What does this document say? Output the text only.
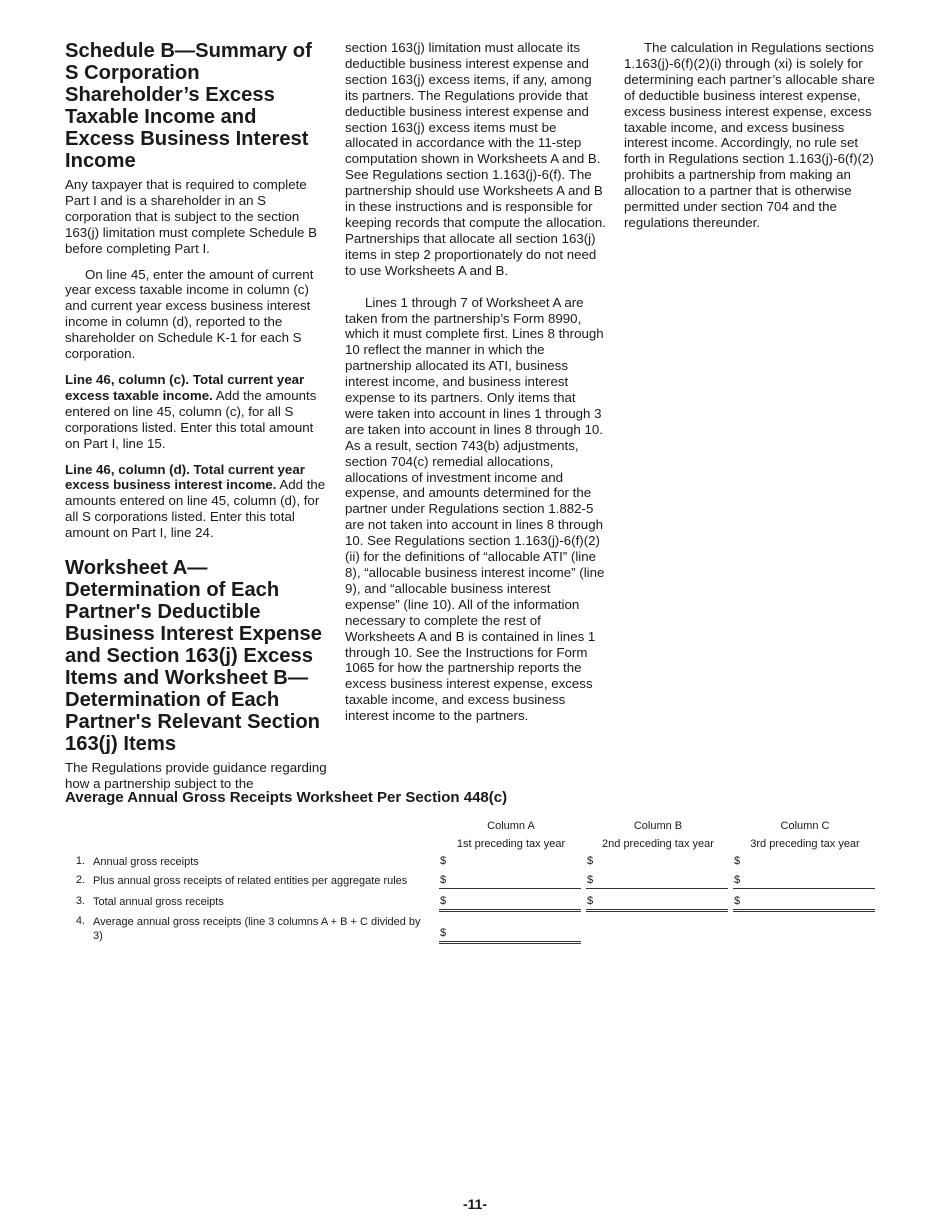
Schedule B—Summary of S Corporation Shareholder’s Excess Taxable Income and Excess Business Interest Income

Any taxpayer that is required to complete Part I and is a shareholder in an S corporation that is subject to the section 163(j) limitation must complete Schedule B before completing Part I.

On line 45, enter the amount of current year excess taxable income in column (c) and current year excess business interest income in column (d), reported to the shareholder on Schedule K-1 for each S corporation.

Line 46, column (c). Total current year excess taxable income. Add the amounts entered on line 45, column (c), for all S corporations listed. Enter this total amount on Part I, line 15.

Line 46, column (d). Total current year excess business interest income. Add the amounts entered on line 45, column (d), for all S corporations listed. Enter this total amount on Part I, line 24.

Worksheet A—Determination of Each Partner's Deductible Business Interest Expense and Section 163(j) Excess Items and Worksheet B—Determination of Each Partner's Relevant Section 163(j) Items

The Regulations provide guidance regarding how a partnership subject to the

section 163(j) limitation must allocate its deductible business interest expense and section 163(j) excess items, if any, among its partners. The Regulations provide that deductible business interest expense and section 163(j) excess items must be allocated in accordance with the 11-step computation shown in Worksheets A and B. See Regulations section 1.163(j)-6(f). The partnership should use Worksheets A and B in these instructions and is responsible for keeping records that compute the allocation. Partnerships that allocate all section 163(j) items in step 2 proportionately do not need to use Worksheets A and B.

Lines 1 through 7 of Worksheet A are taken from the partnership’s Form 8990, which it must complete first. Lines 8 through 10 reflect the manner in which the partnership allocated its ATI, business interest income, and business interest expense to its partners. Only items that were taken into account in lines 1 through 3 are taken into account in lines 8 through 10. As a result, section 743(b) adjustments, section 704(c) remedial allocations, allocations of investment income and expense, and amounts determined for the partner under Regulations section 1.882-5 are not taken into account in lines 8 through 10. See Regulations section 1.163(j)-6(f)(2)(ii) for the definitions of “allocable ATI” (line 8), “allocable business interest income” (line 9), and “allocable business interest expense” (line 10). All of the information necessary to complete the rest of Worksheets A and B is contained in lines 1 through 10. See the Instructions for Form 1065 for how the partnership reports the excess business interest expense, excess taxable income, and excess business interest income to the partners.

The calculation in Regulations sections 1.163(j)-6(f)(2)(i) through (xi) is solely for determining each partner’s allocable share of deductible business interest expense, excess business interest expense, excess taxable income, and excess business interest income. Accordingly, no rule set forth in Regulations section 1.163(j)-6(f)(2) prohibits a partnership from making an allocation to a partner that is otherwise permitted under section 704 and the regulations thereunder.

Average Annual Gross Receipts Worksheet Per Section 448(c)

Column A	Column B	Column C
1st preceding tax year	2nd preceding tax year	3rd preceding tax year
1. Annual gross receipts	$	$	$
2. Plus annual gross receipts of related entities per aggregate rules	$	$	$
3. Total annual gross receipts	$	$	$
4. Average annual gross receipts (line 3 columns A + B + C divided by 3)	$
-11-
